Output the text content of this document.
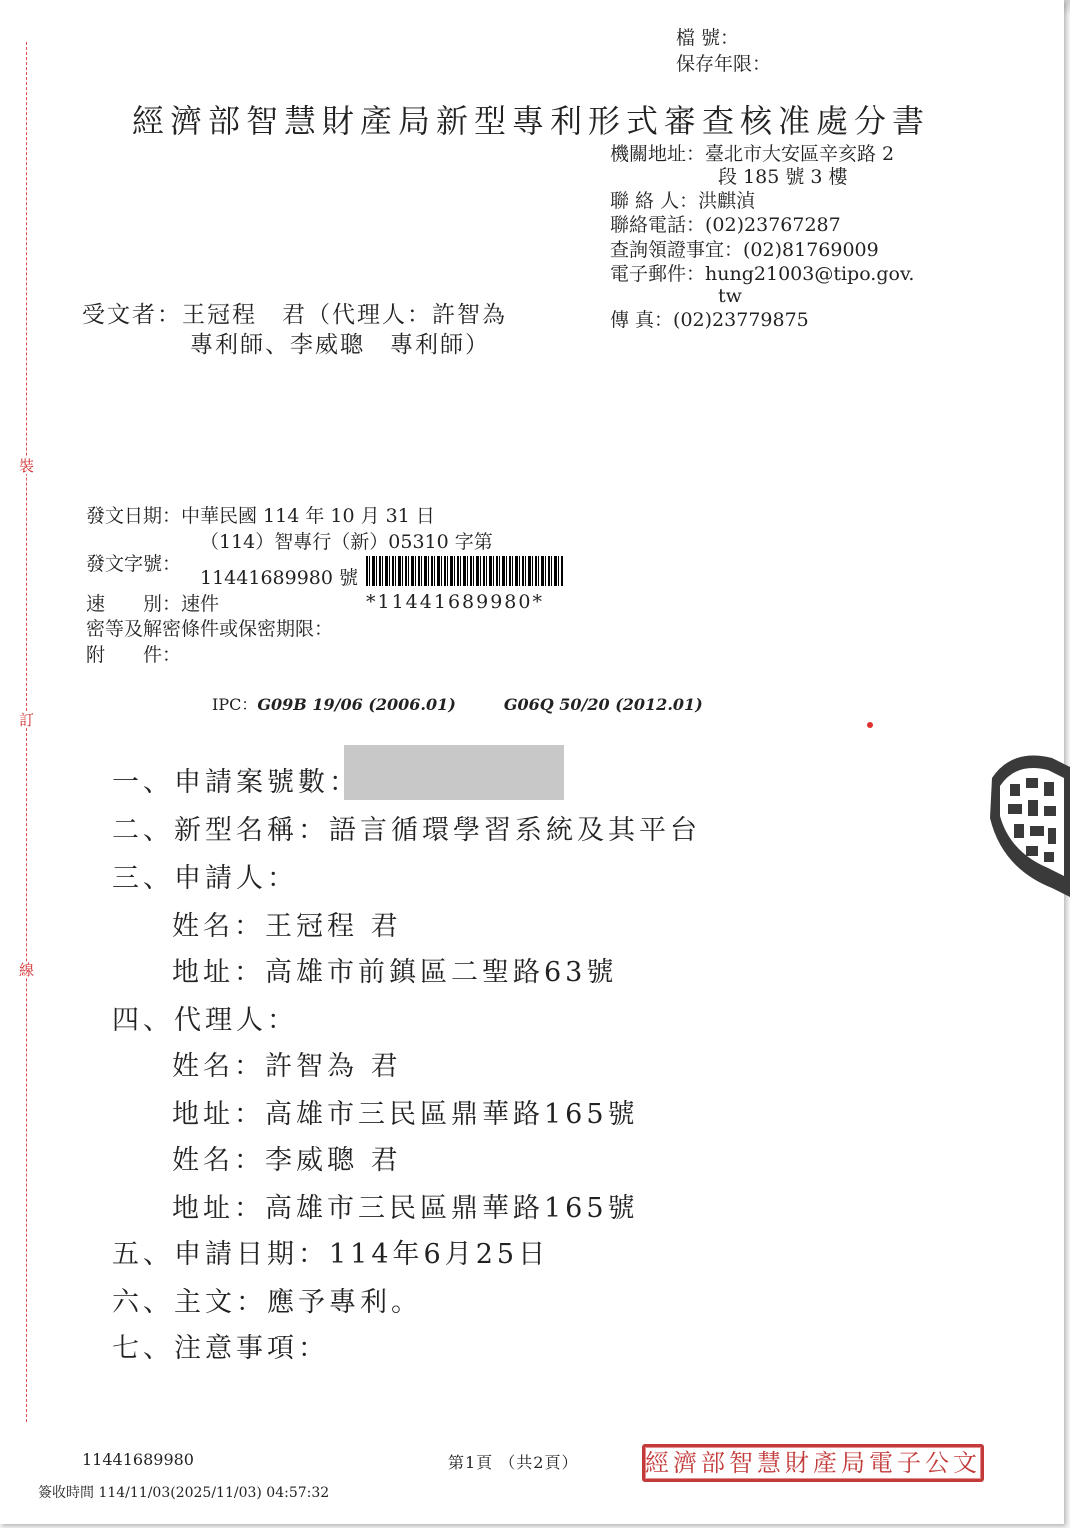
裝
訂
線
檔 號：
保存年限：
經濟部智慧財產局新型專利形式審查核准處分書
機關地址：臺北市大安區辛亥路 2
段 185 號 3 樓
聯 絡 人：洪麒湞
聯絡電話：(02)23767287
查詢領證事宜：(02)81769009
電子郵件：hung21003@tipo.gov.
tw
傳 真：(02)23779875
受文者：王冠程　君（代理人：許智為
專利師、李威聰　專利師）
發文日期：中華民國 114 年 10 月 31 日
發文字號：
（114）智專行（新）05310 字第
11441689980 號
*11441689980*
速　　別：速件
密等及解密條件或保密期限：
附　　件：
IPC：G09B 19/06 (2006.01)	G06Q 50/20 (2012.01)
一、申請案號數：
二、新型名稱：語言循環學習系統及其平台
三、申請人：
姓名：王冠程 君
地址：高雄市前鎮區二聖路63號
四、代理人：
姓名：許智為 君
地址：高雄市三民區鼎華路165號
姓名：李威聰 君
地址：高雄市三民區鼎華路165號
五、申請日期：114年6月25日
六、主文：應予專利。
七、注意事項：
11441689980	第1頁 （共2頁）	經濟部智慧財產局電子公文
簽收時間 114/11/03(2025/11/03) 04:57:32
